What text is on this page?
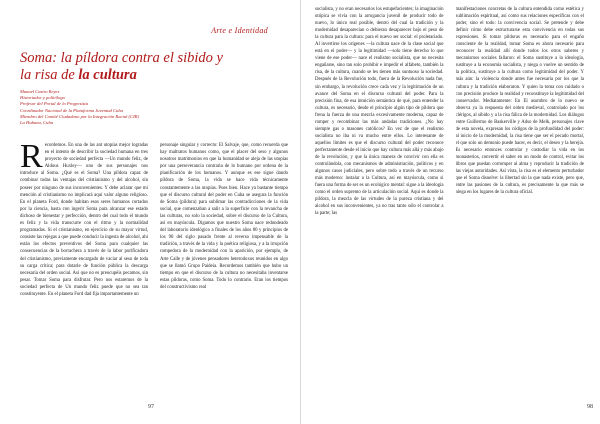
Arte e Identidad
Soma: la píldora contra el sibido y
la risa de la cultura
Manuel Castro Reyes
Historiador y politólogo
Profesor del Portal de lo Progresista
Coordinador Nacional de la Plataforma Juventud Cuba
Miembro del Comité Ciudadano por la Integración Racial (CIR)
La Habana, Cuba

Recordemos. En una de las ant utopías mejor logradas en el intento de describir la sociedad humana en tres proyecto de sociedad perfecta —Un mundo feliz, de Aldous Huxley— uno de sus personajes nos introduce al Soma. ¿Qué es el Soma? Una píldora capaz de combinar todas las ventajas del cristianismo y del alcohol, sin poseer por ninguno de sus inconvenientes. Y debe aclarar que mi mención al cristianismo no implicará aquí valor alguno religioso. En el planeta Ford, donde habitan esos seres humanos cortados por la ciencia, hasta con ingerir Soma para alcanzar ese estado dichoso de bienestar y perfección, dentro del cual todo el mundo es feliz y la vida transcurre con el ritmo y la normalidad programadas. Si el cristianismo, en ejercicio de su mayor virtud, consiste las rejegas a que puede conducir la ingesta de alcohol, ahí están los efectos preventivos del Soma para cualquier las consecuencias de la borrachera a través de la labor purificadora del cristianismo, previamente encargado de vaciar al seso de toda su carga crítica; para dotarle de función pública la descarga necesaria del orden social. Así que no es preocupéis pecamos, sin pesar. Tomar Soma para disfrutar. Pero nos estaremos de la sociedad perfecta de Un mundo feliz puede que no sea tan constituyente. En el planeta Ford dad fija importantemente un

personaje singular y correcto: El Salvaje, que, como recuerda que hay maltratos humanos como, que el placer del seso y algunos nosotros matrimonios en que la humanidad se aleja de las utopías por una perseverancia contraria de lo humano por ordena de la planificación de los humanos. Y aunque es ese sigue dando píldora de Soma, la vida se hace vida técnicamente constantemente a las utopías. Pues bien. Hace ya bastante tiempo que el discurso cultural del poder en Cuba se asegura la función de Soma (píldora) para sublimar las contradicciones de la vida social, que comenzaban a salir a la superficie con la revancha de las culturas, no solo la sociedad, sobre el discurso de la Cultura, así en mayúscula. Digamos que nuestro Soma nace redondeado del laboratorio ideológico a finales de los años 80 y principios de los 90 del siglo pasado frente al reverso impensable de la tradición, a través de la vida y la poética religiosa, y a la irrupción rompedora de la modernidad con la aparición, por ejemplo, de Arte Calle y de jóvenes pensadores heterodoxos reunidos en algo que se llamó Grupo Paideia. Recordemos también que hubo un tiempo en que el discurso de la cultura no necesitaba inventarse estas píldoras, como Soma. Todo lo contrario. Eran los tiempos del constructivismo real

97

socialista, y no eran necesarios los estupefacientes; la imaginación utópica se vivía con la arrogancia juvenil de producir todo de nuevo, lo único real posible, dentro del cual la tradición y la modernidad desaparecían o debieran desaparecer bajo el peso de la cultura para la cultura: para el nuevo ser social: el proletariado. Al invertirse los orígenes —la cultura nace de la clase social que está en el poder— y la legitimidad —solo tiene derecho lo que viene de ese poder— nace el realismo socialista, que no necesita engañarse, sino tan solo prohibir e impedir el alfabeto, también la risa, de la cultura, cuando se les tienen más suntuoso la sociedad. Después de la Revolución todo, fuera de la Revolución nada fue, sin embargo, la revolución crece cada vez y la legitimación de un avance del Soma en el discurso cultural del poder. Para la precisión fina, de esa intuición semántica de qué, para entender la cultura, es necesario, desde el principio algún tipo de píldora que frena la fuerza de una mezcla excesivamente moderna, capaz de romper y recombinar las más andadas tradiciones. ¿No hay siempre gas o masones católicos? En vez de que el realismo socialista no iba ni va mucho entre ellos. Lo interesante de aquellos límites es que el discurso cultural del poder reconoce perfectamente desde el inicio que hay cultura más allá y más abajo de la revolución, y que la única manera de convivir con ella es controlándola, con mecanismos de administración, políticos y en algunos casos judiciales, pero sobre todo a través de un recurso más moderno: instalar a la Cultura, así en mayúscula, como si fuera una forma de ser es un ecológico mental: sigue a la ideología como el orden supremo de la articulación social. Aquí es donde la píldora, la mezcla de las virtudes de la pureza cristiana y del alcohol en sus inconvenientes, ya no tras tanto sólo el controlar a la parte; las

manifestaciones concretas de la cultura entendida como estética y sublimación espiritual, así como sus relaciones específicas con el poder, sino el todo: la convivencia social. Se pretende y debe definir cómo debe estructurarse esta convivencia en todas sus expresiones. Si tomar píldoras es necesario para el engaño consciente de la realidad, tomar Soma es ahora necesario para reconocer la realidad allí donde todos los otros saberes y mecanismos sociales fallaron: el Soma sustituye a la ideología, sustituye a la economía socialista, y niega o vuelve un sentido de la política, sustituye a la cultura como legitimidad del poder. Y más aún: la violencia donde antes fue necesaria por los que la cultura y la tradición elaboraron. Y quien la toma con cuidado o con precisión produce la realidad y reconstituye la legitimidad del conservador. Mediatamente: En El asombro de lo nuevo se observa ya la respuesta del orden medieval, controlado por los clérigos, al sibido y a la risa fálica de la modernidad. Los diálogos entre Guillermo de Baskerville y Adso de Melk, personajes clave de esta novela, expresan los códigos de la profundidad del poder: al inicio de la modernidad, la risa tiene que ser el pecado mortal, el que solo un demonio puede hacer, es decir, el deseo y la herejía. Es necesario entonces controlar y custodiar la vida en los monasterios, convertir el saber en un modo de control, evitar los libros que puedan corromper al alma y reproducir la tradición de las viejas autoridades. Así vista, la risa es el elemento perturbador que el Soma disuelve: la libertad sin la que nada existe, pero que, entre las pasiones de la cultura, es precisamente la que más se niega en los lugares de la cultura oficial.

98
